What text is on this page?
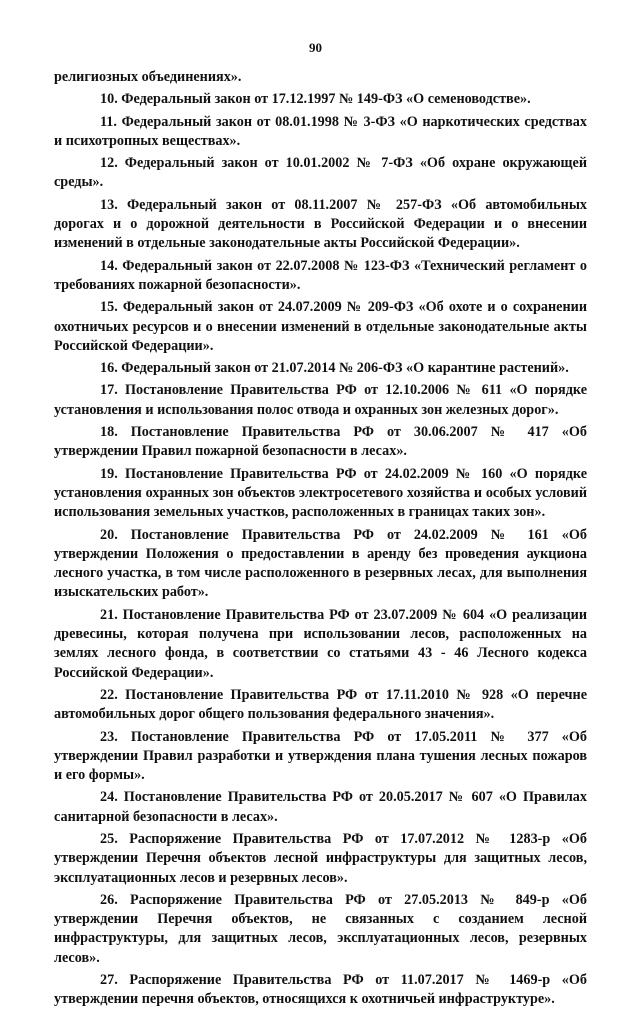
90

религиозных объединениях».

10. Федеральный закон от 17.12.1997 № 149-ФЗ «О семеноводстве».

11. Федеральный закон от 08.01.1998 № 3-ФЗ «О наркотических средствах и психотропных веществах».

12. Федеральный закон от 10.01.2002 № 7-ФЗ «Об охране окружающей среды».

13. Федеральный закон от 08.11.2007 № 257-ФЗ «Об автомобильных дорогах и о дорожной деятельности в Российской Федерации и о внесении изменений в отдельные законодательные акты Российской Федерации».

14. Федеральный закон от 22.07.2008 № 123-ФЗ «Технический регламент о требованиях пожарной безопасности».

15. Федеральный закон от 24.07.2009 № 209-ФЗ «Об охоте и о сохранении охотничьих ресурсов и о внесении изменений в отдельные законодательные акты Российской Федерации».

16. Федеральный закон от 21.07.2014 № 206-ФЗ «О карантине растений».

17. Постановление Правительства РФ от 12.10.2006 № 611 «О порядке установления и использования полос отвода и охранных зон железных дорог».

18. Постановление Правительства РФ от 30.06.2007 № 417 «Об утверждении Правил пожарной безопасности в лесах».

19. Постановление Правительства РФ от 24.02.2009 № 160 «О порядке установления охранных зон объектов электросетевого хозяйства и особых условий использования земельных участков, расположенных в границах таких зон».

20. Постановление Правительства РФ от 24.02.2009 № 161 «Об утверждении Положения о предоставлении в аренду без проведения аукциона лесного участка, в том числе расположенного в резервных лесах, для выполнения изыскательских работ».

21. Постановление Правительства РФ от 23.07.2009 № 604 «О реализации древесины, которая получена при использовании лесов, расположенных на землях лесного фонда, в соответствии со статьями 43 - 46 Лесного кодекса Российской Федерации».

22. Постановление Правительства РФ от 17.11.2010 № 928 «О перечне автомобильных дорог общего пользования федерального значения».

23. Постановление Правительства РФ от 17.05.2011 № 377 «Об утверждении Правил разработки и утверждения плана тушения лесных пожаров и его формы».

24. Постановление Правительства РФ от 20.05.2017 № 607 «О Правилах санитарной безопасности в лесах».

25. Распоряжение Правительства РФ от 17.07.2012 № 1283-р «Об утверждении Перечня объектов лесной инфраструктуры для защитных лесов, эксплуатационных лесов и резервных лесов».

26. Распоряжение Правительства РФ от 27.05.2013 № 849-р «Об утверждении Перечня объектов, не связанных с созданием лесной инфраструктуры, для защитных лесов, эксплуатационных лесов, резервных лесов».

27. Распоряжение Правительства РФ от 11.07.2017 № 1469-р «Об утверждении перечня объектов, относящихся к охотничьей инфраструктуре».
